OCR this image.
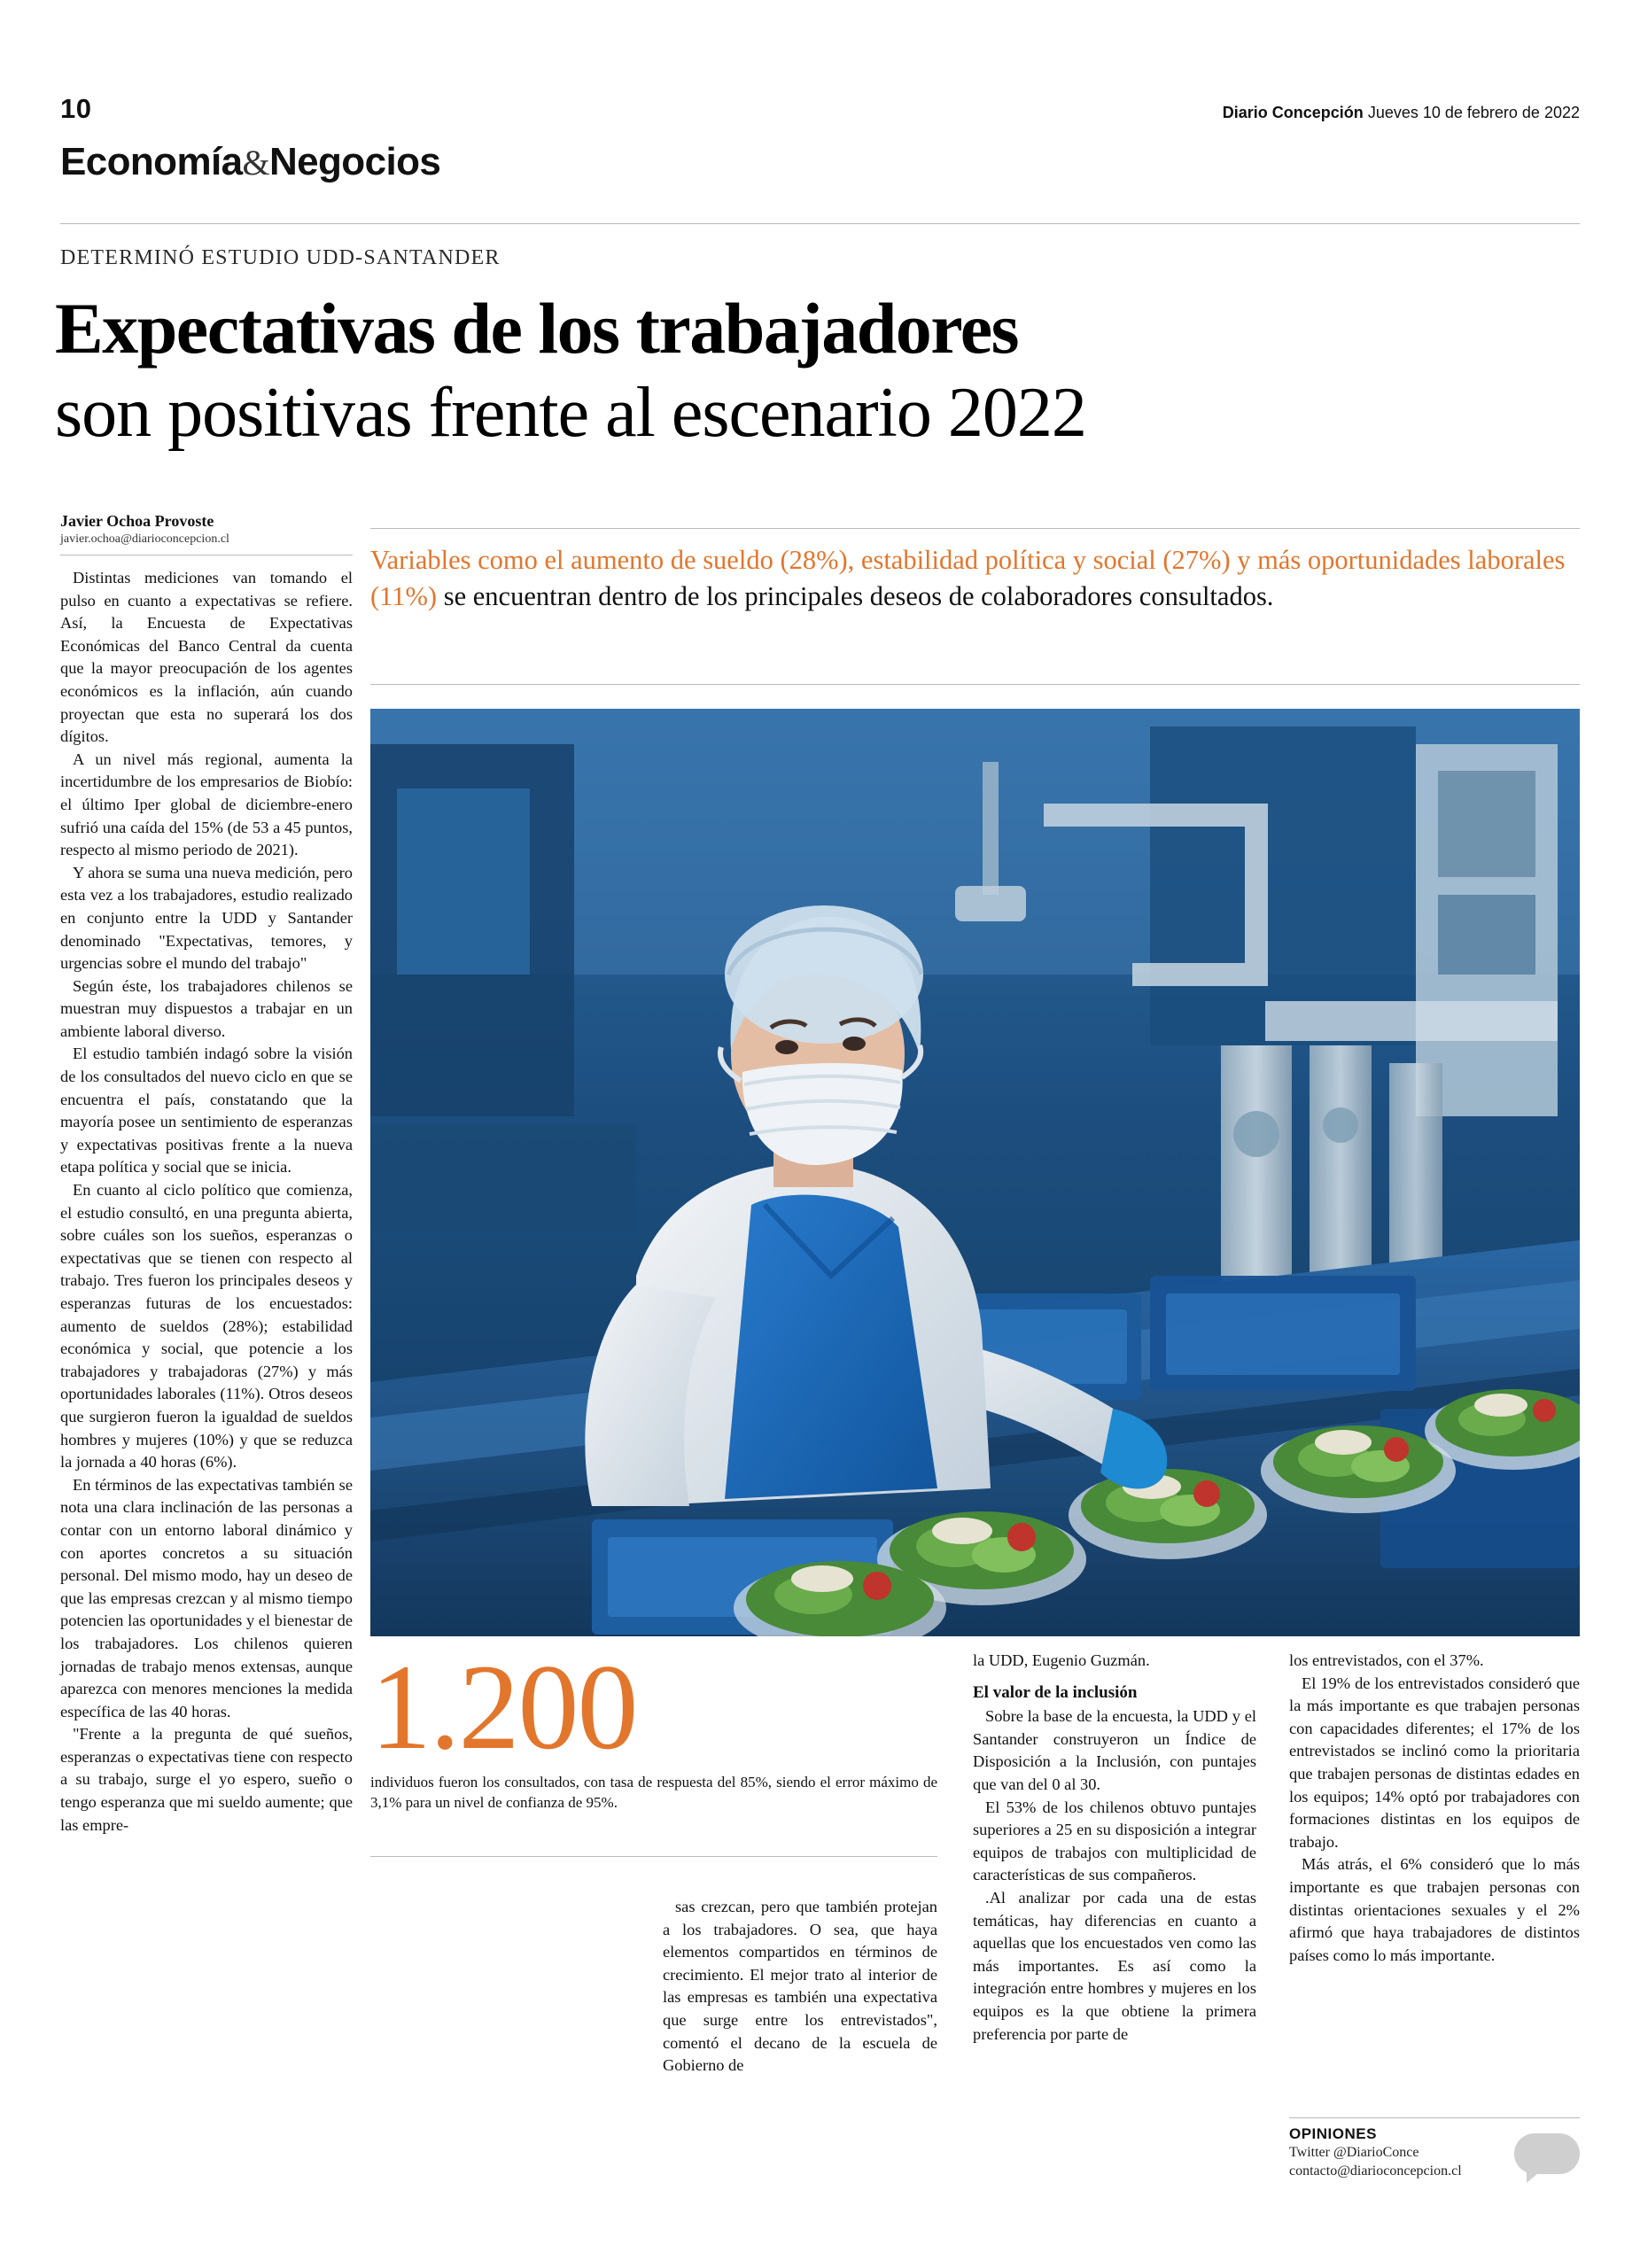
10	Diario Concepción Jueves 10 de febrero de 2022
Economía&Negocios
DETERMINÓ ESTUDIO UDD-SANTANDER
Expectativas de los trabajadores
son positivas frente al escenario 2022
Javier Ochoa Provoste
javier.ochoa@diarioconcepcion.cl

Distintas mediciones van tomando el pulso en cuanto a expectativas se refiere. Así, la Encuesta de Expectativas Económicas del Banco Central da cuenta que la mayor preocupación de los agentes económicos es la inflación, aún cuando proyectan que esta no superará los dos dígitos.

A un nivel más regional, aumenta la incertidumbre de los empresarios de Biobío: el último Iper global de diciembre-enero sufrió una caída del 15% (de 53 a 45 puntos, respecto al mismo periodo de 2021).

Y ahora se suma una nueva medición, pero esta vez a los trabajadores, estudio realizado en conjunto entre la UDD y Santander denominado "Expectativas, temores, y urgencias sobre el mundo del trabajo"

Según éste, los trabajadores chilenos se muestran muy dispuestos a trabajar en un ambiente laboral diverso.

El estudio también indagó sobre la visión de los consultados del nuevo ciclo en que se encuentra el país, constatando que la mayoría posee un sentimiento de esperanzas y expectativas positivas frente a la nueva etapa política y social que se inicia.

En cuanto al ciclo político que comienza, el estudio consultó, en una pregunta abierta, sobre cuáles son los sueños, esperanzas o expectativas que se tienen con respecto al trabajo. Tres fueron los principales deseos y esperanzas futuras de los encuestados: aumento de sueldos (28%); estabilidad económica y social, que potencie a los trabajadores y trabajadoras (27%) y más oportunidades laborales (11%). Otros deseos que surgieron fueron la igualdad de sueldos hombres y mujeres (10%) y que se reduzca la jornada a 40 horas (6%).

En términos de las expectativas también se nota una clara inclinación de las personas a contar con un entorno laboral dinámico y con aportes concretos a su situación personal. Del mismo modo, hay un deseo de que las empresas crezcan y al mismo tiempo potencien las oportunidades y el bienestar de los trabajadores. Los chilenos quieren jornadas de trabajo menos extensas, aunque aparezca con menores menciones la medida específica de las 40 horas.

"Frente a la pregunta de qué sueños, esperanzas o expectativas tiene con respecto a su trabajo, surge el yo espero, sueño o tengo esperanza que mi sueldo aumente; que las empre-

Variables como el aumento de sueldo (28%), estabilidad política y social (27%) y más oportunidades laborales (11%) se encuentran dentro de los principales deseos de colaboradores consultados.
1.200
individuos fueron los consultados, con tasa de respuesta del 85%, siendo el error máximo de 3,1% para un nivel de confianza de 95%.

sas crezcan, pero que también protejan a los trabajadores. O sea, que haya elementos compartidos en términos de crecimiento. El mejor trato al interior de las empresas es también una expectativa que surge entre los entrevistados", comentó el decano de la escuela de Gobierno de

la UDD, Eugenio Guzmán.

El valor de la inclusión

Sobre la base de la encuesta, la UDD y el Santander construyeron un Índice de Disposición a la Inclusión, con puntajes que van del 0 al 30.

El 53% de los chilenos obtuvo puntajes superiores a 25 en su disposición a integrar equipos de trabajos con multiplicidad de características de sus compañeros.

.Al analizar por cada una de estas temáticas, hay diferencias en cuanto a aquellas que los encuestados ven como las más importantes. Es así como la integración entre hombres y mujeres en los equipos es la que obtiene la primera preferencia por parte de

los entrevistados, con el 37%.

El 19% de los entrevistados consideró que la más importante es que trabajen personas con capacidades diferentes; el 17% de los entrevistados se inclinó como la prioritaria que trabajen personas de distintas edades en los equipos; 14% optó por trabajadores con formaciones distintas en los equipos de trabajo.

Más atrás, el 6% consideró que lo más importante es que trabajen personas con distintas orientaciones sexuales y el 2% afirmó que haya trabajadores de distintos países como lo más importante.

OPINIONES
Twitter @DiarioConce
contacto@diarioconcepcion.cl
